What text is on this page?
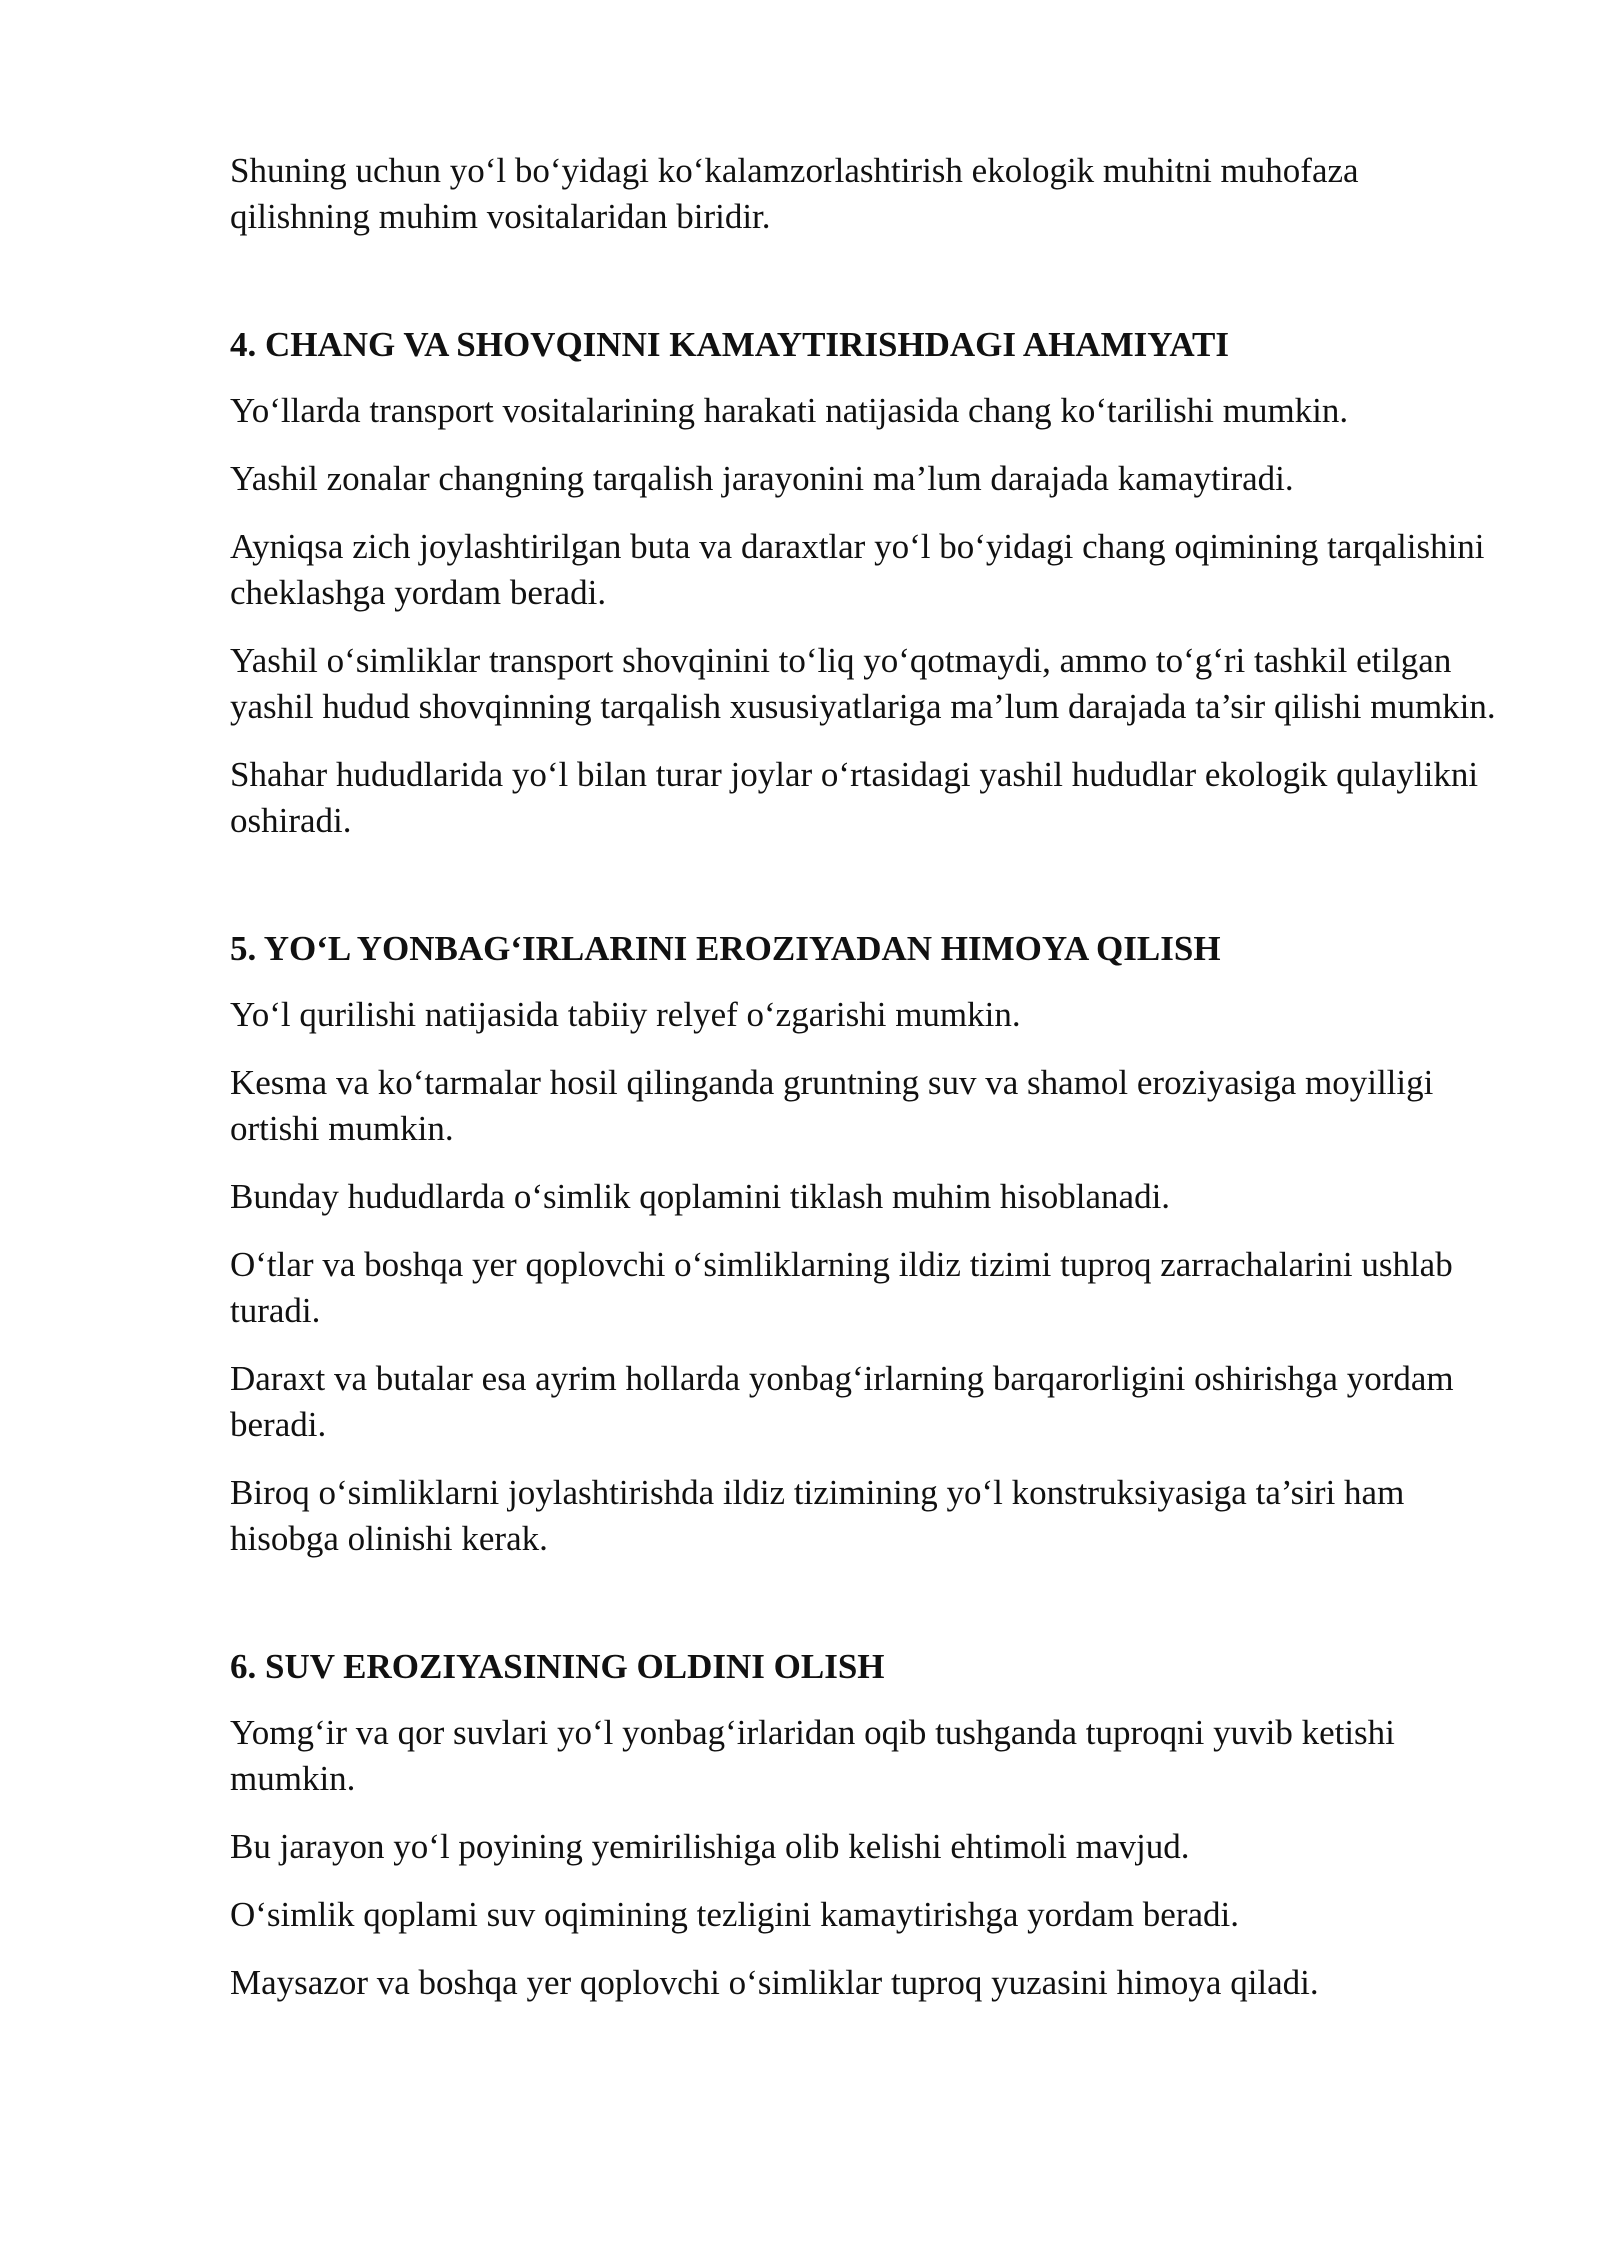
Shuning uchun yo‘l bo‘yidagi ko‘kalamzorlashtirish ekologik muhitni muhofaza qilishning muhim vositalaridan biridir.

4. CHANG VA SHOVQINNI KAMAYTIRISHDAGI AHAMIYATI

Yo‘llarda transport vositalarining harakati natijasida chang ko‘tarilishi mumkin.

Yashil zonalar changning tarqalish jarayonini ma’lum darajada kamaytiradi.

Ayniqsa zich joylashtirilgan buta va daraxtlar yo‘l bo‘yidagi chang oqimining tarqalishini cheklashga yordam beradi.

Yashil o‘simliklar transport shovqinini to‘liq yo‘qotmaydi, ammo to‘g‘ri tashkil etilgan yashil hudud shovqinning tarqalish xususiyatlariga ma’lum darajada ta’sir qilishi mumkin.

Shahar hududlarida yo‘l bilan turar joylar o‘rtasidagi yashil hududlar ekologik qulaylikni oshiradi.

5. YO‘L YONBAG‘IRLARINI EROZIYADAN HIMOYA QILISH

Yo‘l qurilishi natijasida tabiiy relyef o‘zgarishi mumkin.

Kesma va ko‘tarmalar hosil qilinganda gruntning suv va shamol eroziyasiga moyilligi ortishi mumkin.

Bunday hududlarda o‘simlik qoplamini tiklash muhim hisoblanadi.

O‘tlar va boshqa yer qoplovchi o‘simliklarning ildiz tizimi tuproq zarrachalarini ushlab turadi.

Daraxt va butalar esa ayrim hollarda yonbag‘irlarning barqarorligini oshirishga yordam beradi.

Biroq o‘simliklarni joylashtirishda ildiz tizimining yo‘l konstruksiyasiga ta’siri ham hisobga olinishi kerak.

6. SUV EROZIYASINING OLDINI OLISH

Yomg‘ir va qor suvlari yo‘l yonbag‘irlaridan oqib tushganda tuproqni yuvib ketishi mumkin.

Bu jarayon yo‘l poyining yemirilishiga olib kelishi ehtimoli mavjud.

O‘simlik qoplami suv oqimining tezligini kamaytirishga yordam beradi.

Maysazor va boshqa yer qoplovchi o‘simliklar tuproq yuzasini himoya qiladi.
